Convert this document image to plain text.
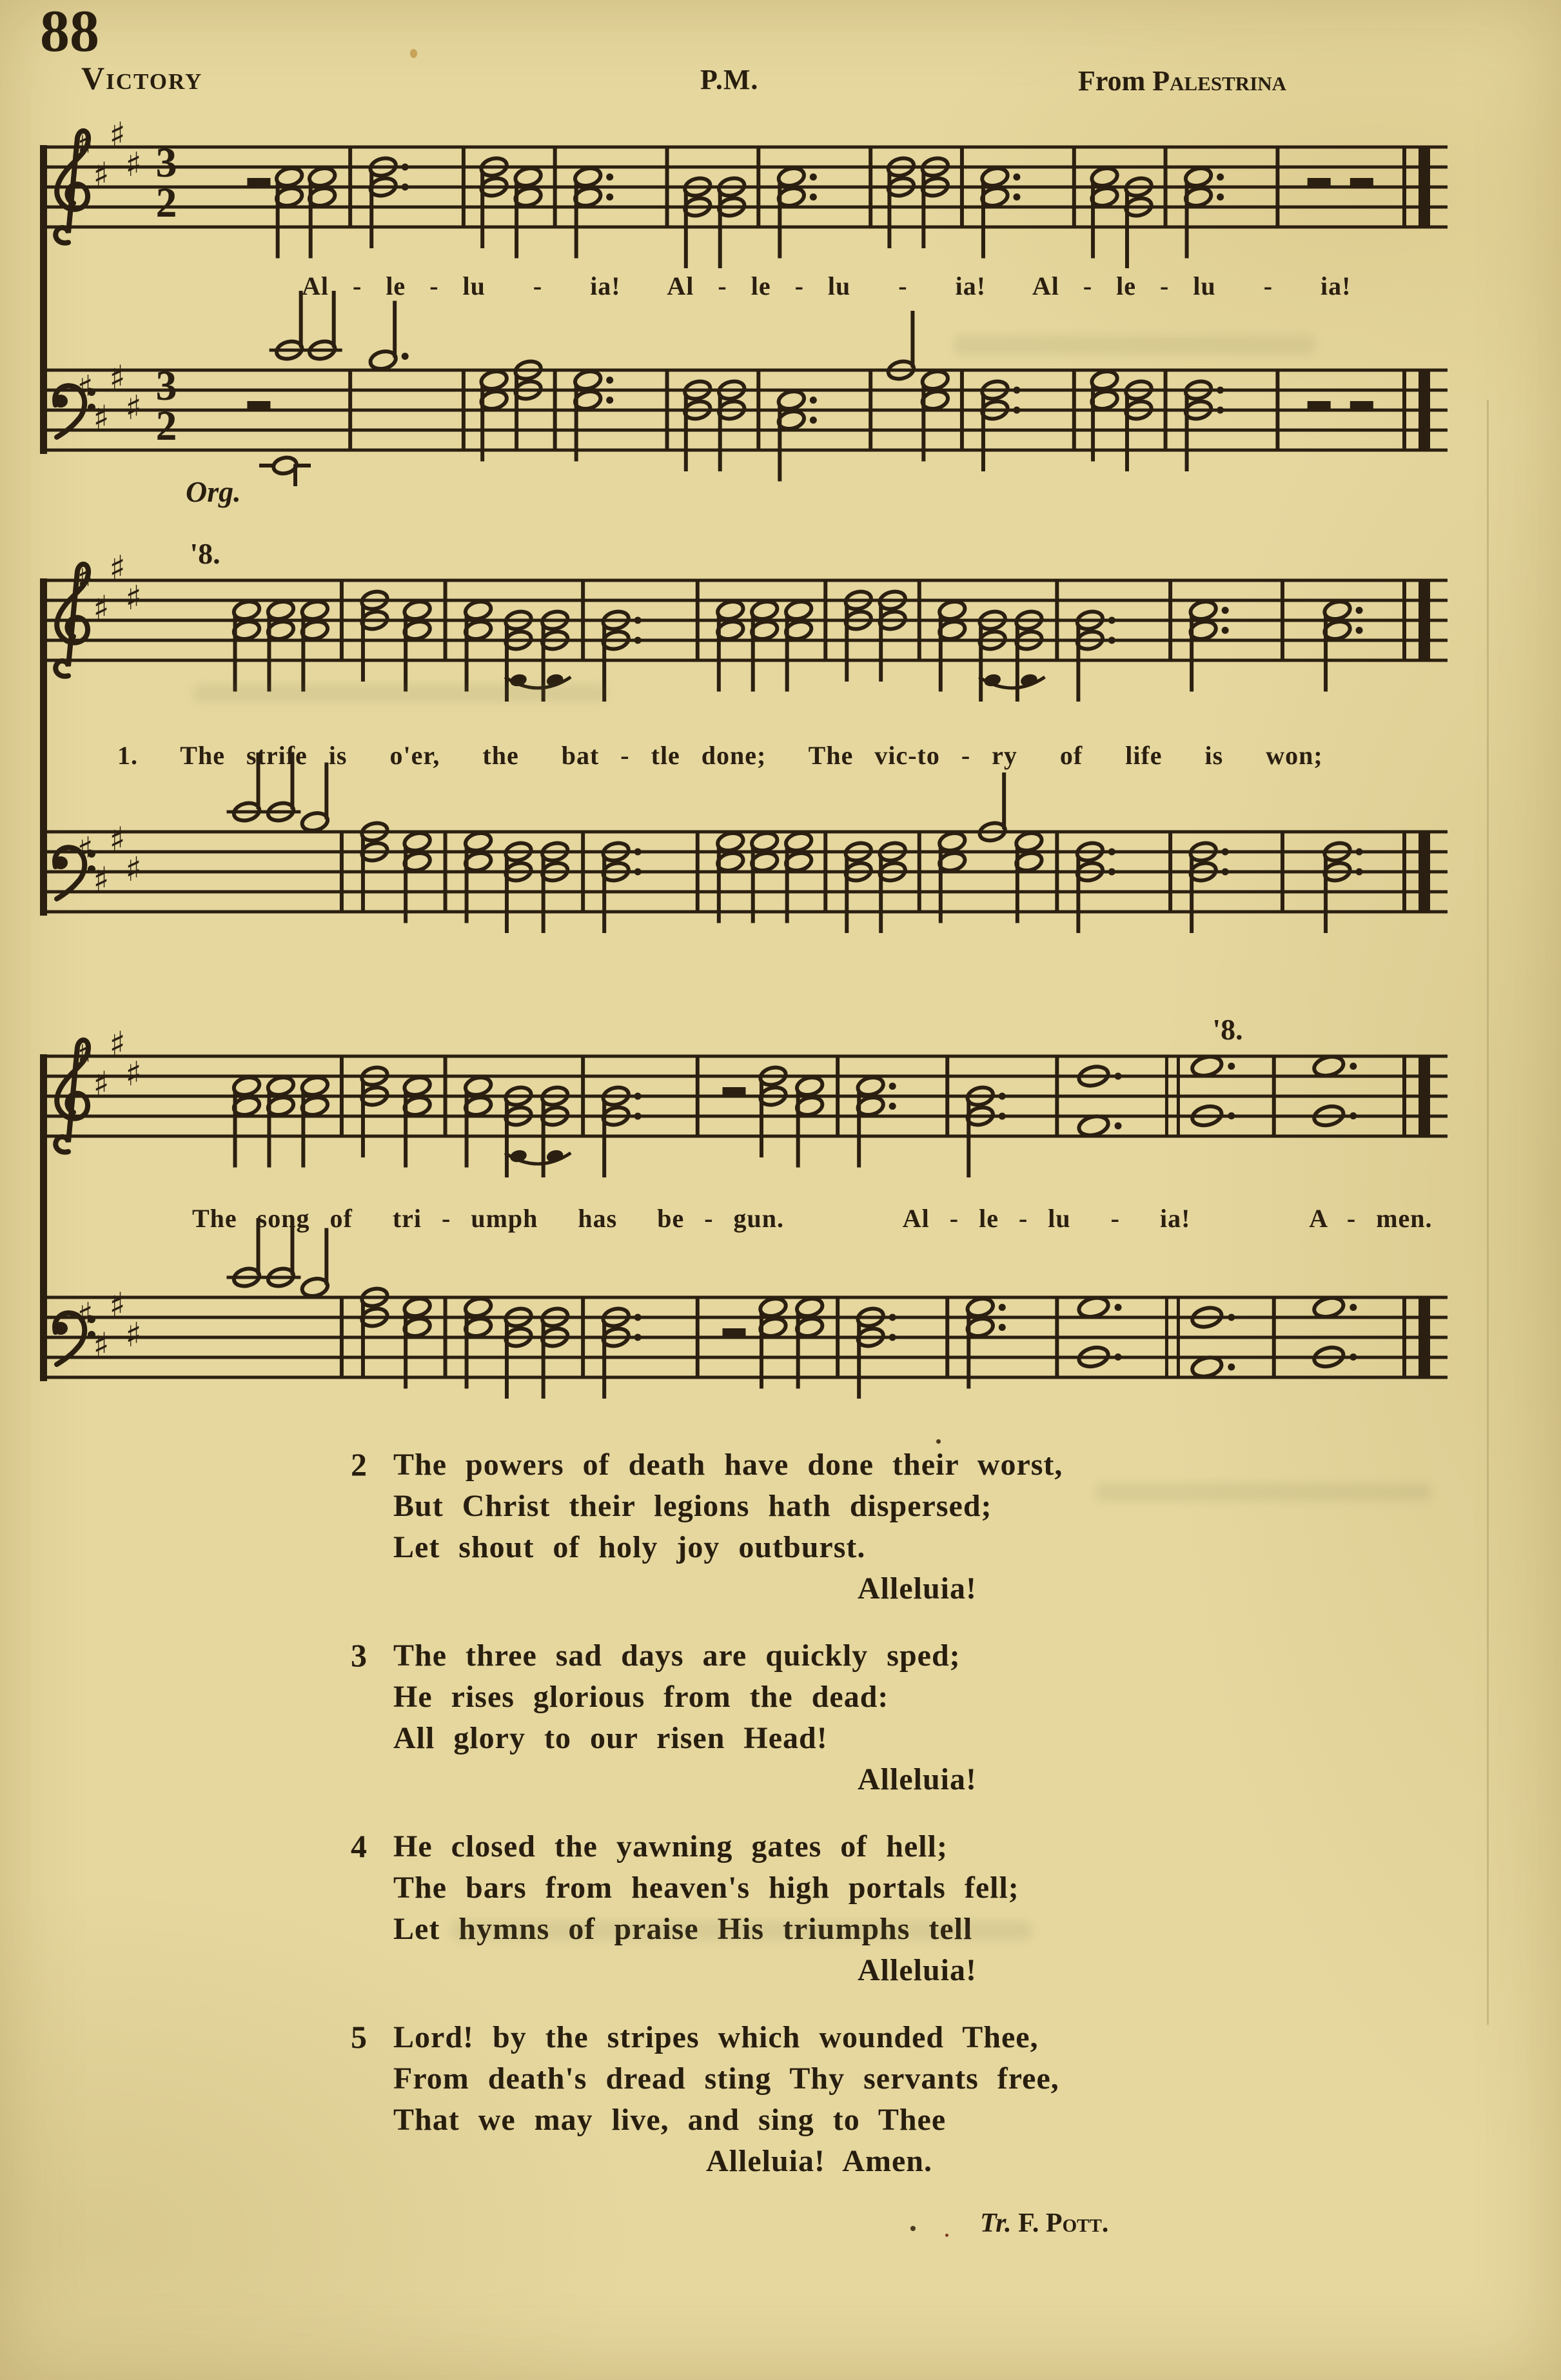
88
Victory	P.M.	From Palestrina
♯
♯
♯
♯
♯
♯
♯
♯
3
2
3
2
Al - le - lu  -  ia!  Al - le - lu  -  ia!  Al - le - lu  -  ia!
Org.
♯
♯
♯
♯
♯
♯
♯
♯
'8.
1.  The strife is  o'er,  the  bat - tle done;  The vic-to - ry  of  life  is  won;
♯
♯
♯
♯
♯
♯
♯
♯
'8.
The song of  tri - umph  has  be - gun.      Al - le - lu  -  ia!      A - men.
2 The powers of death have done their worst,
But Christ their legions hath dispersed;
Let shout of holy joy outburst.
Alleluia!
3 The three sad days are quickly sped;
He rises glorious from the dead:
All glory to our risen Head!
Alleluia!
4 He closed the yawning gates of hell;
The bars from heaven's high portals fell;
Let hymns of praise His triumphs tell
Alleluia!
5 Lord! by the stripes which wounded Thee,
From death's dread sting Thy servants free,
That we may live, and sing to Thee
Alleluia! Amen.
Tr. F. Pott.
